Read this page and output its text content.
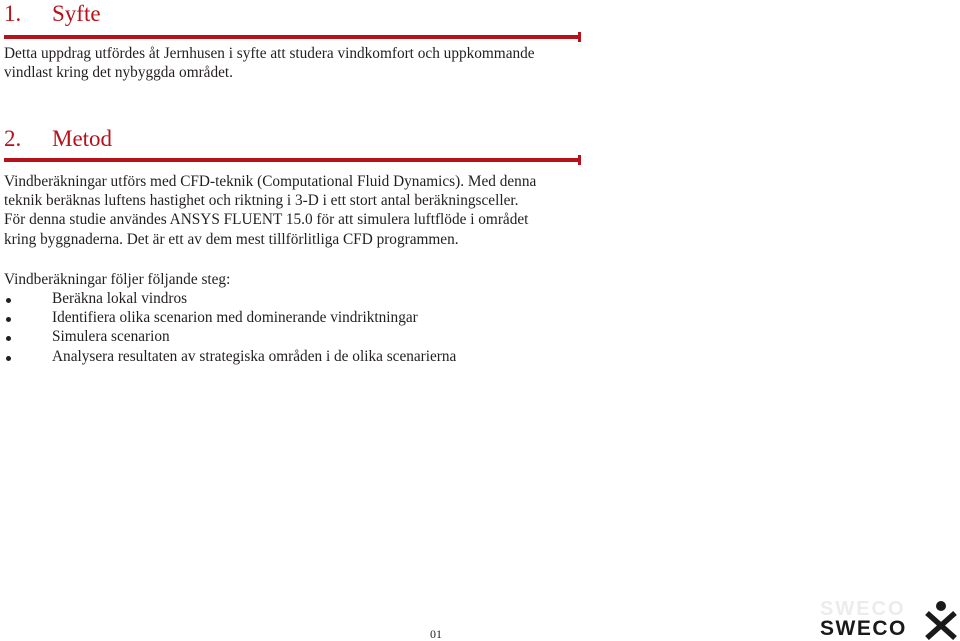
1. Syfte
Detta uppdrag utfördes åt Jernhusen i syfte att studera vindkomfort och uppkommande
vindlast kring det nybyggda området.
2. Metod
Vindberäkningar utförs med CFD-teknik (Computational Fluid Dynamics). Med denna
teknik beräknas luftens hastighet och riktning i 3-D i ett stort antal beräkningsceller.
För denna studie användes ANSYS FLUENT 15.0 för att simulera luftflöde i området
kring byggnaderna. Det är ett av dem mest tillförlitliga CFD programmen.
Vindberäkningar följer följande steg:
Beräkna lokal vindros
Identifiera olika scenarion med dominerande vindriktningar
Simulera scenarion
Analysera resultaten av strategiska områden i de olika scenarierna
01
SWECO
SWECO
